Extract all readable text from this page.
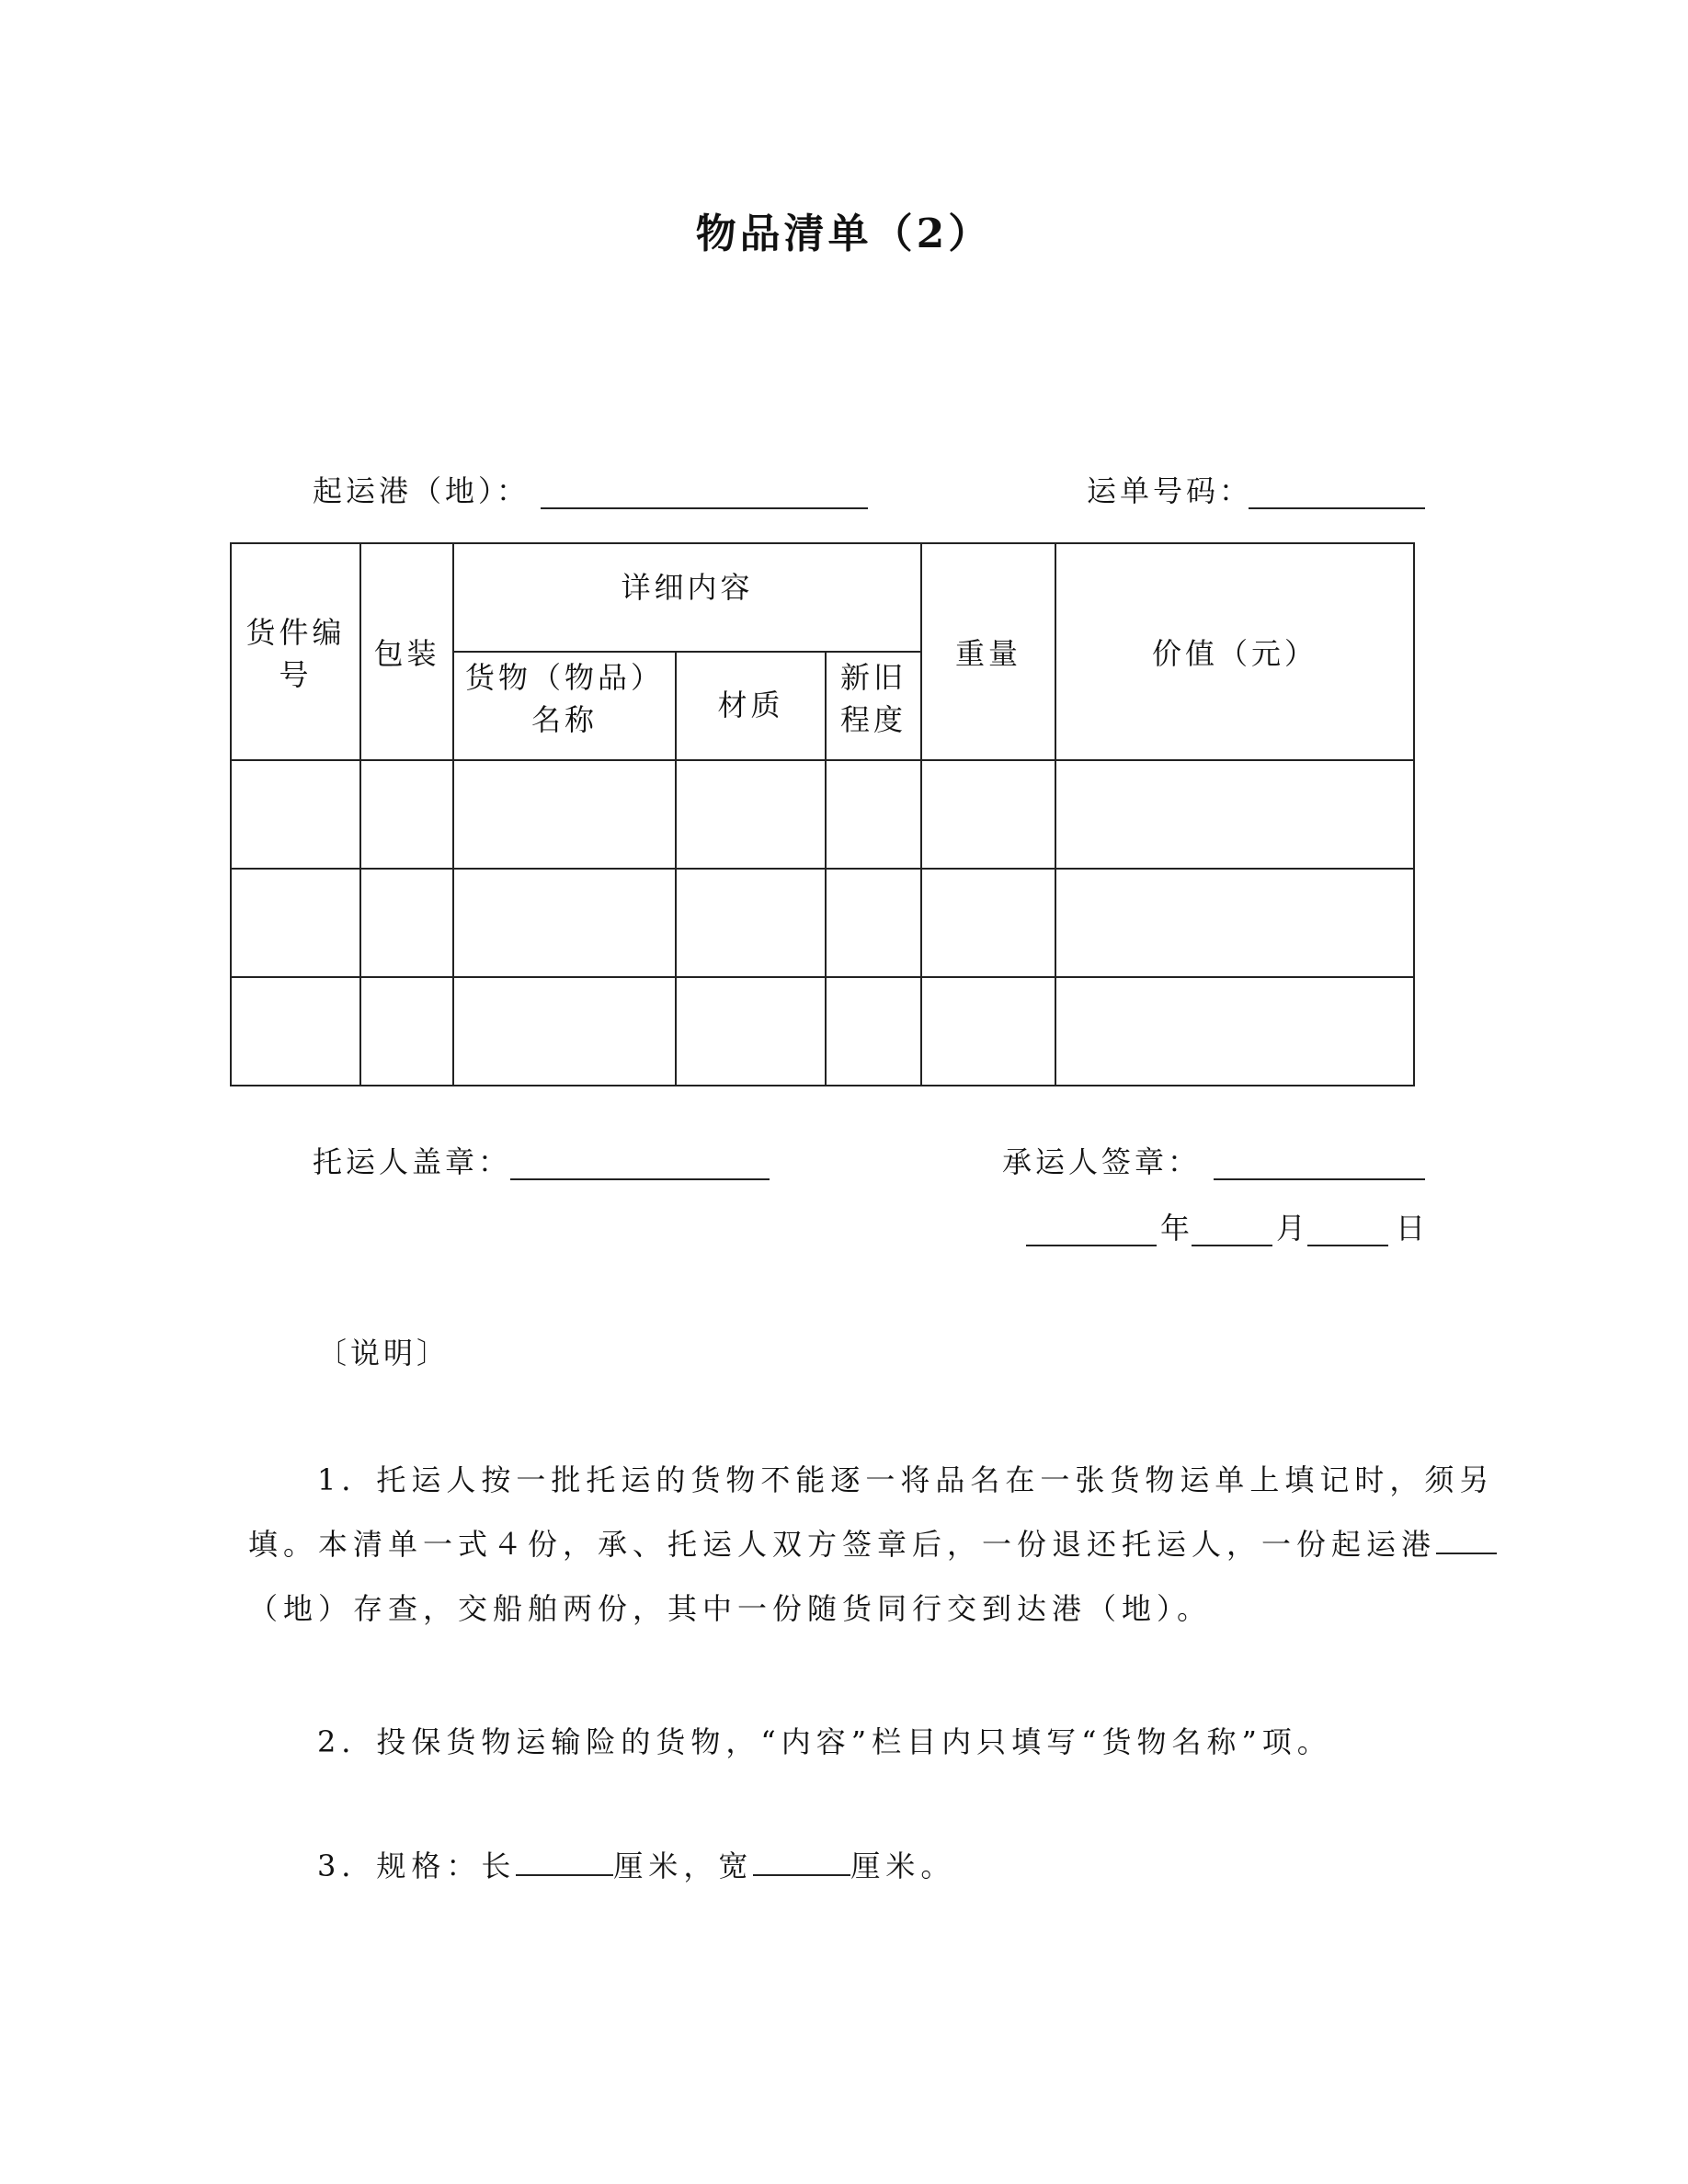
物品清单（2）
起运港（地）：	运单号码：
货件编号	包装	详细内容			重量	价值（元）
		货物（物品）名称	材质	新旧程度		

托运人盖章：	承运人签章：
年	月	日
〔说明〕
1．托运人按一批托运的货物不能逐一将品名在一张货物运单上填记时，须另
填。本清单一式４份，承、托运人双方签章后，一份退还托运人，一份起运港
（地）存查，交船舶两份，其中一份随货同行交到达港（地）。
2．投保货物运输险的货物，“内容”栏目内只填写“货物名称”项。
3．规格：长	厘米，宽	厘米。
